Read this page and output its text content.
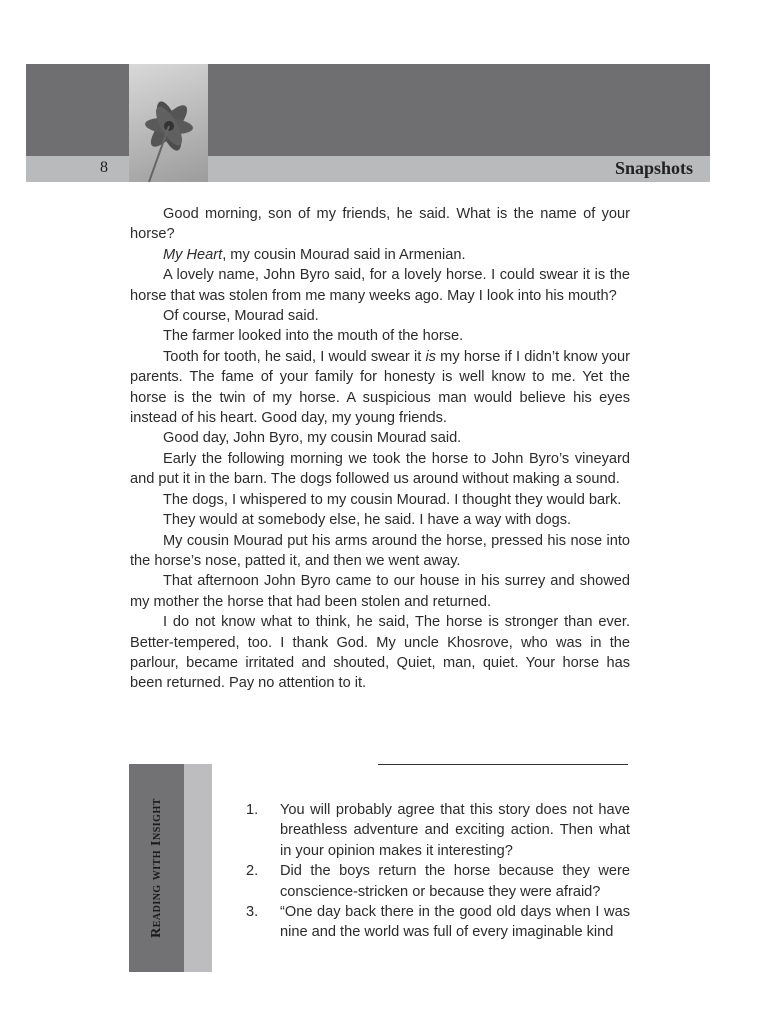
8	Snapshots

Good morning, son of my friends, he said. What is the name of your horse?

My Heart, my cousin Mourad said in Armenian.

A lovely name, John Byro said, for a lovely horse. I could swear it is the horse that was stolen from me many weeks ago. May I look into his mouth?

Of course, Mourad said.

The farmer looked into the mouth of the horse.

Tooth for tooth, he said, I would swear it is my horse if I didn’t know your parents. The fame of your family for honesty is well know to me. Yet the horse is the twin of my horse. A suspicious man would believe his eyes instead of his heart. Good day, my young friends.

Good day, John Byro, my cousin Mourad said.

Early the following morning we took the horse to John Byro’s vineyard and put it in the barn. The dogs followed us around without making a sound.

The dogs, I whispered to my cousin Mourad. I thought they would bark.

They would at somebody else, he said. I have a way with dogs.

My cousin Mourad put his arms around the horse, pressed his nose into the horse’s nose, patted it, and then we went away.

That afternoon John Byro came to our house in his surrey and showed my mother the horse that had been stolen and returned.

I do not know what to think, he said, The horse is stronger than ever. Better-tempered, too. I thank God. My uncle Khosrove, who was in the parlour, became irritated and shouted, Quiet, man, quiet. Your horse has been returned. Pay no attention to it.

Reading with Insight	1.	You will probably agree that this story does not have breathless adventure and exciting action. Then what in your opinion makes it interesting?
2.	Did the boys return the horse because they were conscience-stricken or because they were afraid?
3.	“One day back there in the good old days when I was nine and the world was full of every imaginable kind
